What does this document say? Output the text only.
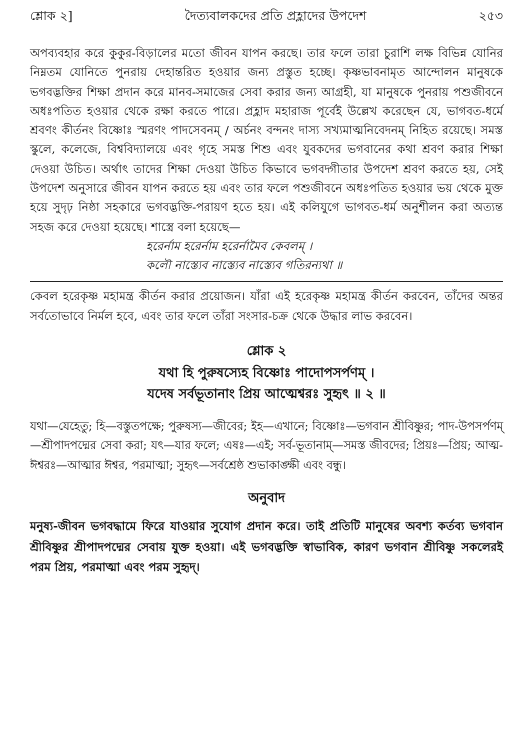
শ্লোক ২]	দৈত্যবালকদের প্রতি প্রহ্লাদের উপদেশ	২৫৩

অপব্যবহার করে কুকুর-বিড়ালের মতো জীবন যাপন করছে। তার ফলে তারা চুরাশি লক্ষ বিভিন্ন যোনির নিম্নতম যোনিতে পুনরায় দেহান্তরিত হওয়ার জন্য প্রস্তুত হচ্ছে। কৃষ্ণভাবনামৃত আন্দোলন মানুষকে ভগবদ্ভক্তির শিক্ষা প্রদান করে মানব-সমাজের সেবা করার জন্য আগ্রহী, যা মানুষকে পুনরায় পশুজীবনে অধঃপতিত হওয়ার থেকে রক্ষা করতে পারে। প্রহ্লাদ মহারাজ পূর্বেই উল্লেখ করেছেন যে, ভাগবত-ধর্মে শ্রবণং কীর্তনং বিষ্ণোঃ স্মরণং পাদসেবনম্ / অর্চনং বন্দনং দাস্য সখ্যমাত্মনিবেদনম্ নিহিত রয়েছে। সমস্ত স্কুলে, কলেজে, বিশ্ববিদ্যালয়ে এবং গৃহে সমস্ত শিশু এবং যুবকদের ভগবানের কথা শ্রবণ করার শিক্ষা দেওয়া উচিত। অর্থাৎ তাদের শিক্ষা দেওয়া উচিত কিভাবে ভগবদ্গীতার উপদেশ শ্রবণ করতে হয়, সেই উপদেশ অনুসারে জীবন যাপন করতে হয় এবং তার ফলে পশুজীবনে অধঃপতিত হওয়ার ভয় থেকে মুক্ত হয়ে সুদৃঢ় নিষ্ঠা সহকারে ভগবদ্ভক্তি-পরায়ণ হতে হয়। এই কলিযুগে ভাগবত-ধর্ম অনুশীলন করা অত্যন্ত সহজ করে দেওয়া হয়েছে। শাস্ত্রে বলা হয়েছে—

হরের্নাম হরের্নাম হরের্নামৈব কেবলম্ ।

কলৌ নাস্ত্যেব নাস্ত্যেব নাস্ত্যেব গতিরন্যথা ॥

কেবল হরেকৃষ্ণ মহামন্ত্র কীর্তন করার প্রয়োজন। যাঁরা এই হরেকৃষ্ণ মহামন্ত্র কীর্তন করবেন, তাঁদের অন্তর সর্বতোভাবে নির্মল হবে, এবং তার ফলে তাঁরা সংসার-চক্র থেকে উদ্ধার লাভ করবেন।

শ্লোক ২
যথা হি পুরুষস্যেহ বিষ্ণোঃ পাদোপসর্পণম্ ।
যদেষ সর্বভূতানাং প্রিয় আত্মেশ্বরঃ সুহৃৎ ॥ ২ ॥

যথা—যেহেতু; হি—বস্তুতপক্ষে; পুরুষস্য—জীবের; ইহ—এখানে; বিষ্ণোঃ—ভগবান শ্রীবিষ্ণুর; পাদ-উপসর্পণম্—শ্রীপাদপদ্মের সেবা করা; যৎ—যার ফলে; এষঃ—এই; সর্ব-ভূতানাম্—সমস্ত জীবদের; প্রিয়ঃ—প্রিয়; আত্ম-ঈশ্বরঃ—আত্মার ঈশ্বর, পরমাত্মা; সুহৃৎ—সর্বশ্রেষ্ঠ শুভাকাঙ্ক্ষী এবং বন্ধু।

অনুবাদ

মনুষ্য-জীবন ভগবদ্ধামে ফিরে যাওয়ার সুযোগ প্রদান করে। তাই প্রতিটি মানুষের অবশ্য কর্তব্য ভগবান শ্রীবিষ্ণুর শ্রীপাদপদ্মের সেবায় যুক্ত হওয়া। এই ভগবদ্ভক্তি স্বাভাবিক, কারণ ভগবান শ্রীবিষ্ণু সকলেরই পরম প্রিয়, পরমাত্মা এবং পরম সুহৃদ্।
